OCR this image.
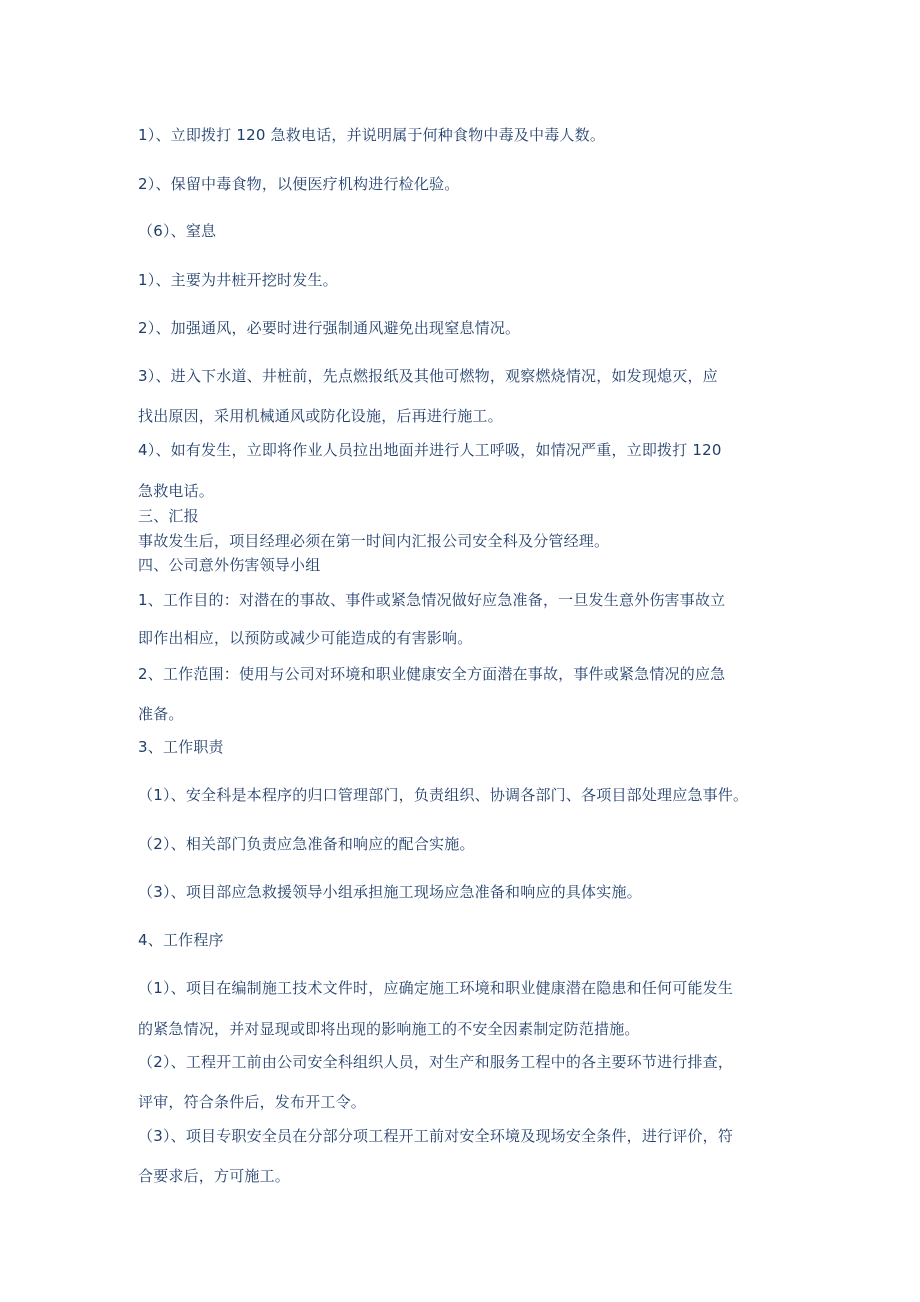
1）、立即拨打 120 急救电话，并说明属于何种食物中毒及中毒人数。
2）、保留中毒食物，以便医疗机构进行检化验。
（6）、窒息
1）、主要为井桩开挖时发生。
2）、加强通风，必要时进行强制通风避免出现窒息情况。
3）、进入下水道、井桩前，先点燃报纸及其他可燃物，观察燃烧情况，如发现熄灭，应
找出原因，采用机械通风或防化设施，后再进行施工。
4）、如有发生，立即将作业人员拉出地面并进行人工呼吸，如情况严重，立即拨打 120
急救电话。
三、汇报
事故发生后，项目经理必须在第一时间内汇报公司安全科及分管经理。
四、公司意外伤害领导小组
1、工作目的：对潜在的事故、事件或紧急情况做好应急准备，一旦发生意外伤害事故立
即作出相应，以预防或减少可能造成的有害影响。
2、工作范围：使用与公司对环境和职业健康安全方面潜在事故，事件或紧急情况的应急
准备。
3、工作职责
（1）、安全科是本程序的归口管理部门，负责组织、协调各部门、各项目部处理应急事件。
（2）、相关部门负责应急准备和响应的配合实施。
（3）、项目部应急救援领导小组承担施工现场应急准备和响应的具体实施。
4、工作程序
（1）、项目在编制施工技术文件时，应确定施工环境和职业健康潜在隐患和任何可能发生
的紧急情况，并对显现或即将出现的影响施工的不安全因素制定防范措施。
（2）、工程开工前由公司安全科组织人员，对生产和服务工程中的各主要环节进行排查，
评审，符合条件后，发布开工令。
（3）、项目专职安全员在分部分项工程开工前对安全环境及现场安全条件，进行评价，符
合要求后，方可施工。
